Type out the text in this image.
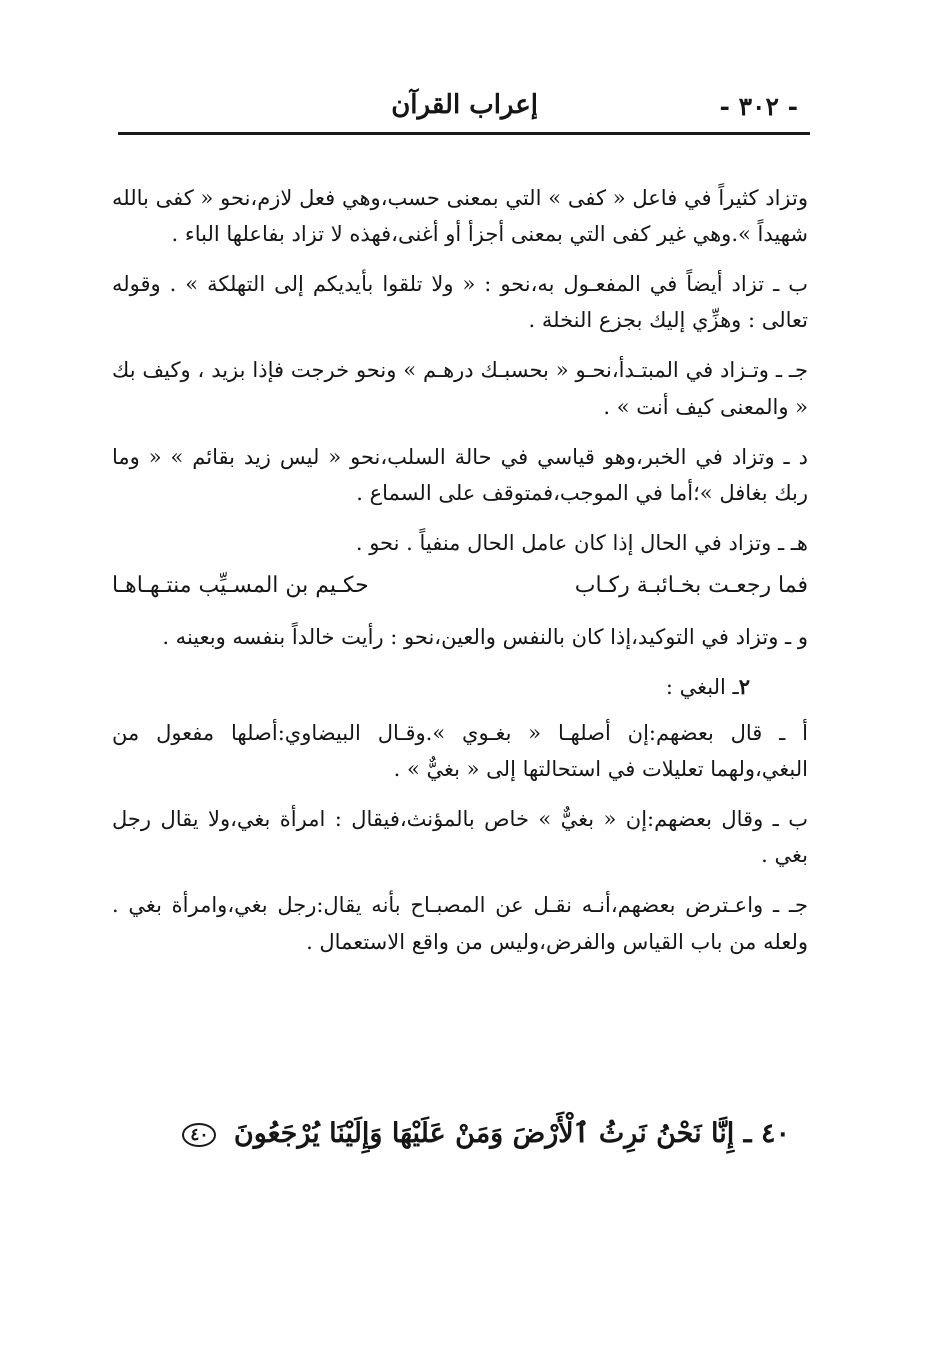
- ٣٠٢ -
إعراب القرآن

وتزاد كثيراً في فاعل « كفى » التي بمعنى حسب،وهي فعل لازم،نحو « كفى بالله شهيداً ».وهي غير كفى التي بمعنى أجزأ أو أغنى،فهذه لا تزاد بفاعلها الباء .

ب ـ تزاد أيضاً في المفعـول به،نحو : « ولا تلقوا بأيديكم إلى التهلكة » . وقوله تعالى : وهزِّي إليك بجزع النخلة .

جـ ـ وتـزاد في المبتـدأ،نحـو « بحسبـك درهـم » ونحو خرجت فإذا بزيد ، وكيف بك « والمعنى كيف أنت » .

د ـ وتزاد في الخبر،وهو قياسي في حالة السلب،نحو « ليس زيد بقائم » « وما ربك بغافل »؛أما في الموجب،فمتوقف على السماع .

هـ ـ وتزاد في الحال إذا كان عامل الحال منفياً . نحو .

فما رجعـت بخـائبـة ركـاب
حكـيم بن المسـيِّب منتـهـاهـا

و ـ وتزاد في التوكيد،إذا كان بالنفس والعين،نحو : رأيت خالداً بنفسه وبعينه .

٢ـ البغي :

أ ـ قال بعضهم:إن أصلهـا « بغـوي ».وقـال البيضاوي:أصلها مفعول من البغي،ولهما تعليلات في استحالتها إلى « بغيٌّ » .

ب ـ وقال بعضهم:إن « بغيٌّ » خاص بالمؤنث،فيقال : امرأة بغي،ولا يقال رجل بغي .

جـ ـ واعـترض بعضهم،أنـه نقـل عن المصبـاح بأنه يقال:رجل بغي،وامرأة بغي . ولعله من باب القياس والفرض،وليس من واقع الاستعمال .

٤٠ ـ إِنَّا نَحْنُ نَرِثُ ٱلْأَرْضَ وَمَنْ عَلَيْهَا وَإِلَيْنَا يُرْجَعُونَ ٤٠
